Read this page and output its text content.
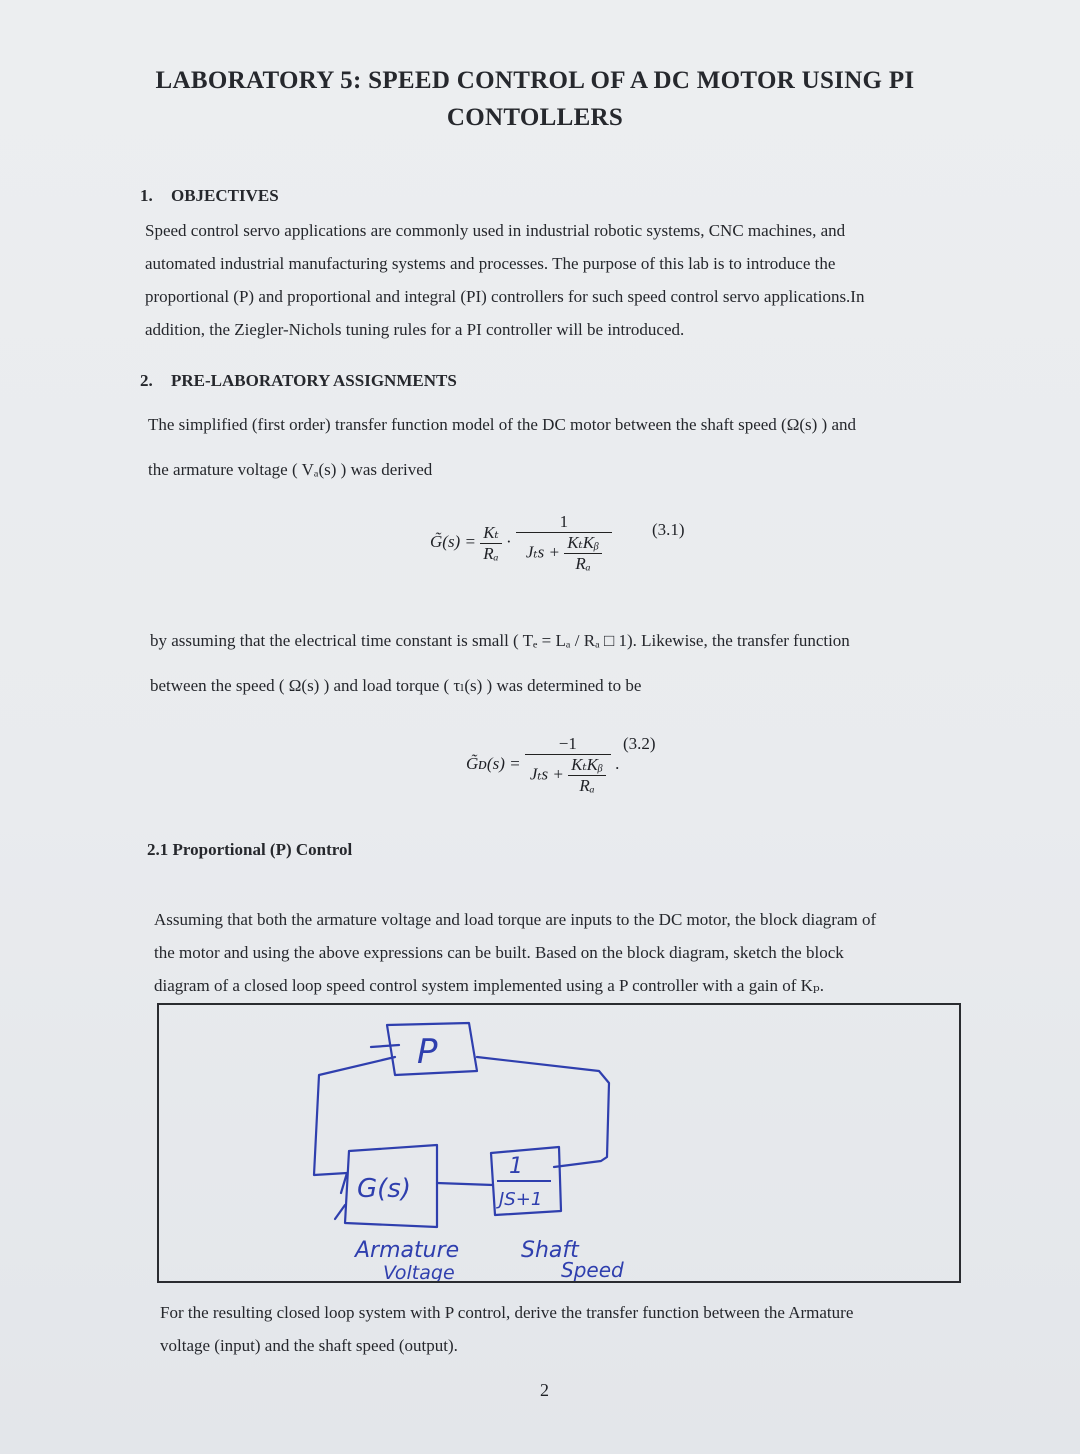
LABORATORY 5: SPEED CONTROL OF A DC MOTOR USING PI
CONTOLLERS
1. OBJECTIVES
Speed control servo applications are commonly used in industrial robotic systems, CNC machines, and
automated industrial manufacturing systems and processes. The purpose of this lab is to introduce the
proportional (P) and proportional and integral (PI) controllers for such speed control servo applications.In
addition, the Ziegler-Nichols tuning rules for a PI controller will be introduced.
2. PRE-LABORATORY ASSIGNMENTS
The simplified (first order) transfer function model of the DC motor between the shaft speed (Ω(s) ) and
the armature voltage ( Vₐ(s) ) was derived
G̃(s) = $\frac{\text{Kₜ}}{\text{Rₐ}} \cdot \frac{1}{J_ts + \frac{\text{KₜKᵦ}}{\text{Rₐ}}} (3.1)$
by assuming that the electrical time constant is small ( Tₑ = Lₐ / Rₐ □ 1). Likewise, the transfer function
between the speed ( Ω(s) ) and load torque ( τₗ(s) ) was determined to be
G̃ᴅ(s) = $\frac{-1}{J_ts + \frac{\text{KₜKᵦ}}{\text{Rₐ}}}$ .
(3.2)
2.1 Proportional (P) Control
Assuming that both the armature voltage and load torque are inputs to the DC motor, the block diagram of
the motor and using the above expressions can be built. Based on the block diagram, sketch the block
diagram of a closed loop speed control system implemented using a P controller with a gain of Kₚ.
P
G(s)
1
JS+1
Armature	Shaft
Voltage	Speed
For the resulting closed loop system with P control, derive the transfer function between the Armature
voltage (input) and the shaft speed (output).
2
